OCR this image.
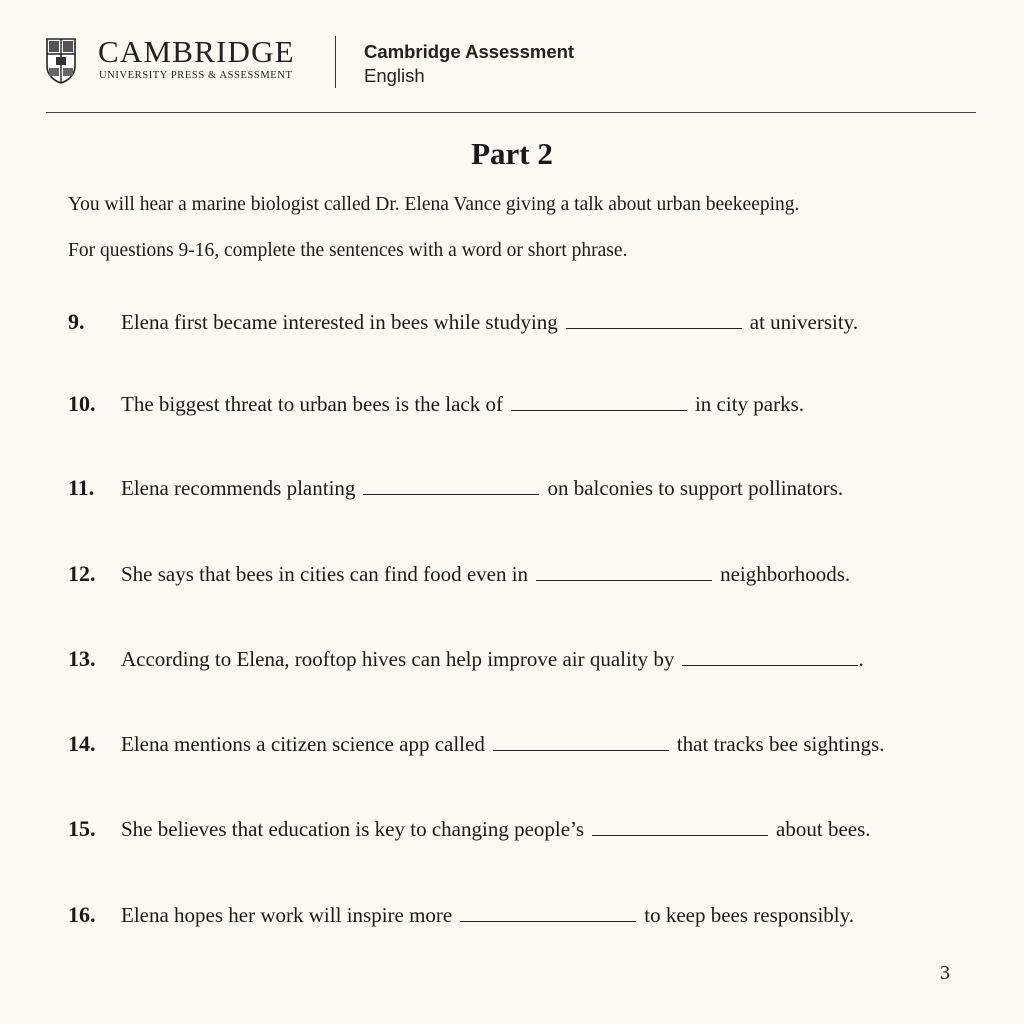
CAMBRIDGE
UNIVERSITY PRESS & ASSESSMENT
Cambridge Assessment
English
Part 2
You will hear a marine biologist called Dr. Elena Vance giving a talk about urban beekeeping.
For questions 9-16, complete the sentences with a word or short phrase.
9. Elena first became interested in bees while studying	at university.
10. The biggest threat to urban bees is the lack of	in city parks.
11. Elena recommends planting	on balconies to support pollinators.
12. She says that bees in cities can find food even in	neighborhoods.
13. According to Elena, rooftop hives can help improve air quality by	.
14. Elena mentions a citizen science app called	that tracks bee sightings.
15. She believes that education is key to changing people’s	about bees.
16. Elena hopes her work will inspire more	to keep bees responsibly.
3
